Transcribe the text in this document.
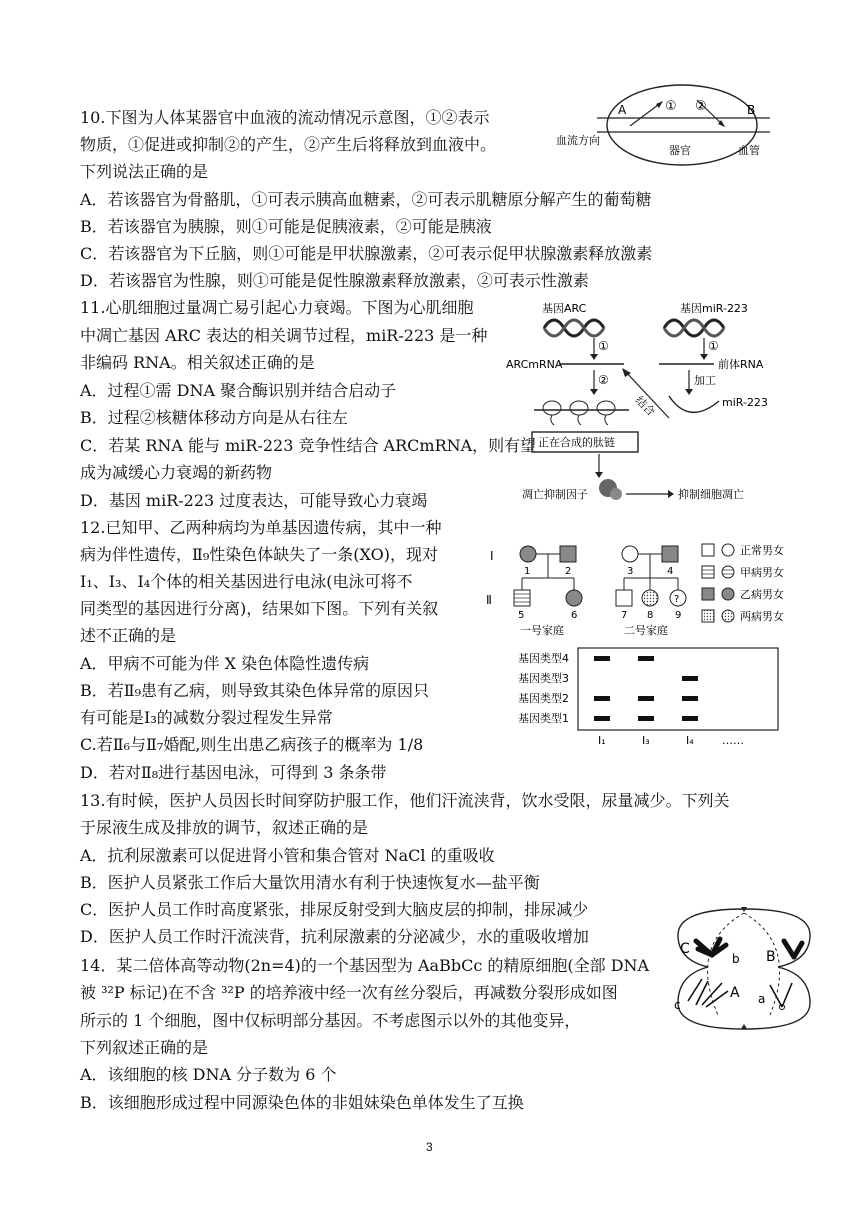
10.下图为人体某器官中血液的流动情况示意图，①②表示
物质，①促进或抑制②的产生，②产生后将释放到血液中。
下列说法正确的是
A．若该器官为骨骼肌，①可表示胰高血糖素，②可表示肌糖原分解产生的葡萄糖
B．若该器官为胰腺，则①可能是促胰液素，②可能是胰液
C．若该器官为下丘脑，则①可能是甲状腺激素，②可表示促甲状腺激素释放激素
D．若该器官为性腺，则①可能是促性腺激素释放激素，②可表示性激素
A	B
① ②
血流方向
器官	血管
11.心肌细胞过量凋亡易引起心力衰竭。下图为心肌细胞
中凋亡基因 ARC 表达的相关调节过程，miR-223 是一种
非编码 RNA。相关叙述正确的是
A．过程①需 DNA 聚合酶识别并结合启动子
B．过程②核糖体移动方向是从右往左
C．若某 RNA 能与 miR-223 竞争性结合 ARCmRNA，则有望
成为减缓心力衰竭的新药物
D．基因 miR-223 过度表达，可能导致心力衰竭
基因ARC	基因miR-223
①	①
ARCmRNA	前体RNA
②	加工
miR-223
结合
正在合成的肽链
凋亡抑制因子	抑制细胞凋亡
12.已知甲、乙两种病均为单基因遗传病，其中一种
病为伴性遗传，Ⅱ₉性染色体缺失了一条(XO)，现对
Ⅰ₁、Ⅰ₃、Ⅰ₄个体的相关基因进行电泳(电泳可将不
同类型的基因进行分离)，结果如下图。下列有关叙
述不正确的是
A．甲病不可能为伴 X 染色体隐性遗传病
B．若Ⅱ₉患有乙病，则导致其染色体异常的原因只
有可能是Ⅰ₃的减数分裂过程发生异常
C.若Ⅱ₆与Ⅱ₇婚配,则生出患乙病孩子的概率为 1/8
D．若对Ⅱ₈进行基因电泳，可得到 3 条条带
Ⅰ
Ⅱ
1	2
5	6
一号家庭
?
3	4
7 8 9
二号家庭
正常男女
甲病男女
乙病男女
两病男女
基因类型4
基因类型3
基因类型2
基因类型1
Ⅰ₁	Ⅰ₃	Ⅰ₄	……
13.有时候，医护人员因长时间穿防护服工作，他们汗流浃背，饮水受限，尿量减少。下列关
于尿液生成及排放的调节，叙述正确的是
A．抗利尿激素可以促进肾小管和集合管对 NaCl 的重吸收
B．医护人员紧张工作后大量饮用清水有利于快速恢复水—盐平衡
C．医护人员工作时高度紧张，排尿反射受到大脑皮层的抑制，排尿减少
D．医护人员工作时汗流浃背，抗利尿激素的分泌减少，水的重吸收增加
14．某二倍体高等动物(2n=4)的一个基因型为 AaBbCc 的精原细胞(全部 DNA
被 ³²P 标记)在不含 ³²P 的培养液中经一次有丝分裂后，再减数分裂形成如图
所示的 1 个细胞，图中仅标明部分基因。不考虑图示以外的其他变异，
下列叙述正确的是
A．该细胞的核 DNA 分子数为 6 个
B．该细胞形成过程中同源染色体的非姐妹染色单体发生了互换
C
b B
c
A a
3
